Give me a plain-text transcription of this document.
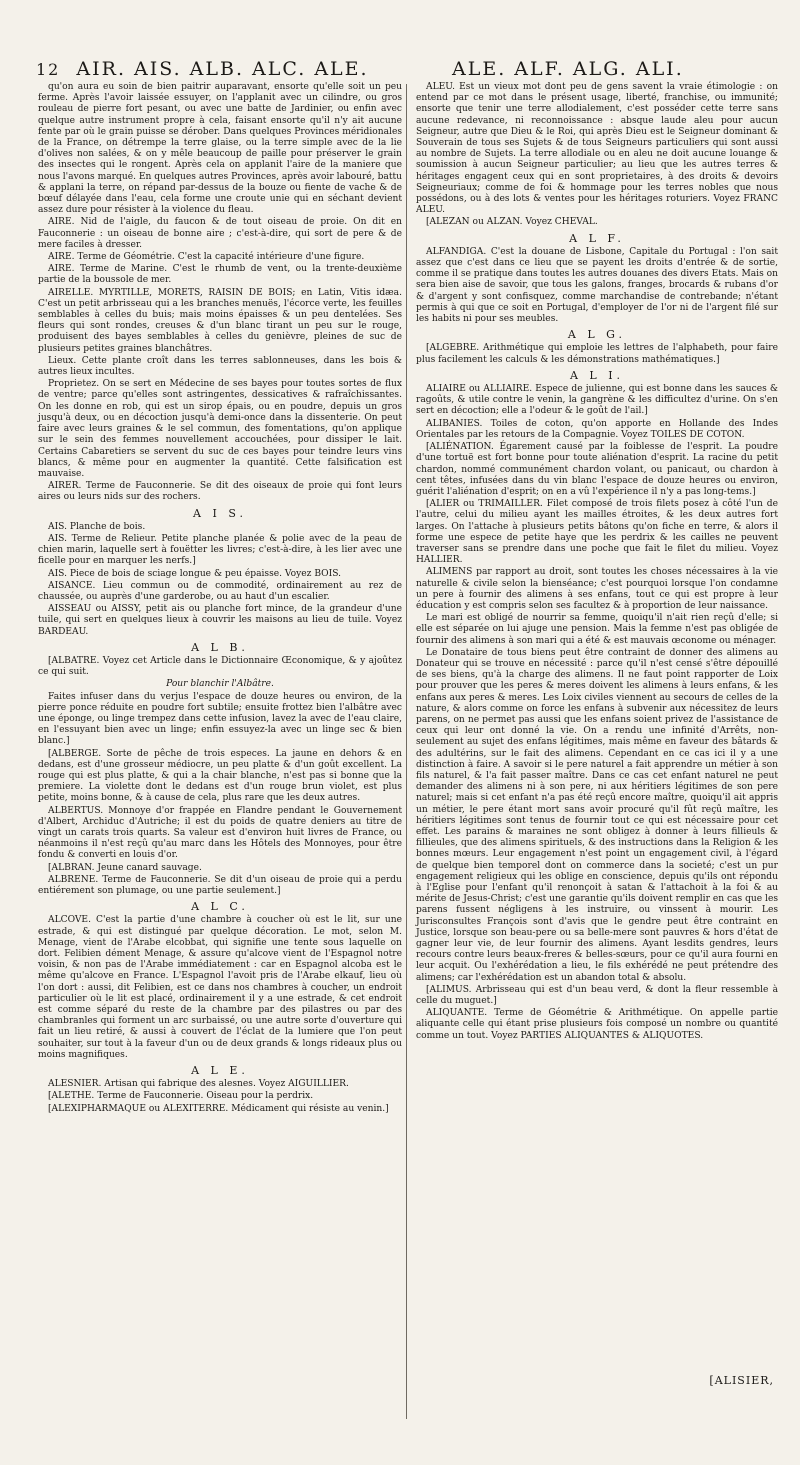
12 AIR. AIS. ALB. ALC. ALE.	ALE. ALF. ALG. ALI.
qu'on aura eu soin de bien paitrir auparavant, ensorte qu'elle soit un peu ferme. Après l'avoir laissée essuyer, on l'applanit avec un cilindre, ou gros rouleau de pierre fort pesant, ou avec une batte de Jardinier, ou enfin avec quelque autre instrument propre à cela, faisant ensorte qu'il n'y ait aucune fente par où le grain puisse se dérober. Dans quelques Provinces méridionales de la France, on détrempe la terre glaise, ou la terre simple avec de la lie d'olives non salées, & on y mêle beaucoup de paille pour préserver le grain des insectes qui le rongent. Après cela on applanit l'aire de la maniere que nous l'avons marqué. En quelques autres Provinces, après avoir labouré, battu & applani la terre, on répand par-dessus de la bouze ou fiente de vache & de bœuf délayée dans l'eau, cela forme une croute unie qui en séchant devient assez dure pour résister à la violence du fleau.
AIRE. Nid de l'aigle, du faucon & de tout oiseau de proie. On dit en Fauconnerie : un oiseau de bonne aire ; c'est-à-dire, qui sort de pere & de mere faciles à dresser.
AIRE. Terme de Géométrie. C'est la capacité intérieure d'une figure.
AIRE. Terme de Marine. C'est le rhumb de vent, ou la trente-deuxième partie de la boussole de mer.
AIRELLE. MYRTILLE, MORETS, RAISIN DE BOIS; en Latin, Vitis idæa. C'est un petit arbrisseau qui a les branches menuës, l'écorce verte, les feuilles semblables à celles du buis; mais moins épaisses & un peu dentelées. Ses fleurs qui sont rondes, creuses & d'un blanc tirant un peu sur le rouge, produisent des bayes semblables à celles du genièvre, pleines de suc de plusieurs petites graines blanchâtres.
Lieux. Cette plante croît dans les terres sablonneuses, dans les bois & autres lieux incultes.
Proprietez. On se sert en Médecine de ses bayes pour toutes sortes de flux de ventre; parce qu'elles sont astringentes, dessicatives & rafraîchissantes. On les donne en rob, qui est un sirop épais, ou en poudre, depuis un gros jusqu'à deux, ou en décoction jusqu'à demi-once dans la dissenterie. On peut faire avec leurs graines & le sel commun, des fomentations, qu'on applique sur le sein des femmes nouvellement accouchées, pour dissiper le lait. Certains Cabaretiers se servent du suc de ces bayes pour teindre leurs vins blancs, & même pour en augmenter la quantité. Cette falsification est mauvaise.
AIRER. Terme de Fauconnerie. Se dit des oiseaux de proie qui font leurs aires ou leurs nids sur des rochers.
A I S.
AIS. Planche de bois.
AIS. Terme de Relieur. Petite planche planée & polie avec de la peau de chien marin, laquelle sert à fouëtter les livres; c'est-à-dire, à les lier avec une ficelle pour en marquer les nerfs.]
AIS. Piece de bois de sciage longue & peu épaisse. Voyez BOIS.
AISANCE. Lieu commun ou de commodité, ordinairement au rez de chaussée, ou auprès d'une garderobe, ou au haut d'un escalier.
AISSEAU ou AISSY, petit ais ou planche fort mince, de la grandeur d'une tuile, qui sert en quelques lieux à couvrir les maisons au lieu de tuile. Voyez BARDEAU.
A L B.
[ALBATRE. Voyez cet Article dans le Dictionnaire Œconomique, & y ajoûtez ce qui suit.
Pour blanchir l'Albâtre.
Faites infuser dans du verjus l'espace de douze heures ou environ, de la pierre ponce réduite en poudre fort subtile; ensuite frottez bien l'albâtre avec une éponge, ou linge trempez dans cette infusion, lavez la avec de l'eau claire, en l'essuyant bien avec un linge; enfin essuyez-la avec un linge sec & bien blanc.]
[ALBERGE. Sorte de pêche de trois especes. La jaune en dehors & en dedans, est d'une grosseur médiocre, un peu platte & d'un goût excellent. La rouge qui est plus platte, & qui a la chair blanche, n'est pas si bonne que la premiere. La violette dont le dedans est d'un rouge brun violet, est plus petite, moins bonne, & à cause de cela, plus rare que les deux autres.
ALBERTUS. Monnoye d'or frappée en Flandre pendant le Gouvernement d'Albert, Archiduc d'Autriche; il est du poids de quatre deniers au titre de vingt un carats trois quarts. Sa valeur est d'environ huit livres de France, ou néanmoins il n'est reçû qu'au marc dans les Hôtels des Monnoyes, pour être fondu & converti en louis d'or.
[ALBRAN. Jeune canard sauvage.
ALBRENE. Terme de Fauconnerie. Se dit d'un oiseau de proie qui a perdu entiérement son plumage, ou une partie seulement.]
A L C.
ALCOVE. C'est la partie d'une chambre à coucher où est le lit, sur une estrade, & qui est distingué par quelque décoration. Le mot, selon M. Menage, vient de l'Arabe elcobbat, qui signifie une tente sous laquelle on dort. Felibien dément Menage, & assure qu'alcove vient de l'Espagnol notre voisin, & non pas de l'Arabe immédiatement : car en Espagnol alcoba est le même qu'alcove en France. L'Espagnol l'avoit pris de l'Arabe elkauf, lieu où l'on dort : aussi, dit Felibien, est ce dans nos chambres à coucher, un endroit particulier où le lit est placé, ordinairement il y a une estrade, & cet endroit est comme séparé du reste de la chambre par des pilastres ou par des chambranles qui forment un arc surbaissé, ou une autre sorte d'ouverture qui fait un lieu retiré, & aussi à couvert de l'éclat de la lumiere que l'on peut souhaiter, sur tout à la faveur d'un ou de deux grands & longs rideaux plus ou moins magnifiques.
A L E.
ALESNIER. Artisan qui fabrique des alesnes. Voyez AIGUILLIER.
[ALETHE. Terme de Fauconnerie. Oiseau pour la perdrix.
[ALEXIPHARMAQUE ou ALEXITERRE. Médicament qui résiste au venin.]
ALEU. Est un vieux mot dont peu de gens savent la vraie étimologie : on entend par ce mot dans le présent usage, liberté, franchise, ou immunité; ensorte que tenir une terre allodialement, c'est posséder cette terre sans aucune redevance, ni reconnoissance : absque laude aleu pour aucun Seigneur, autre que Dieu & le Roi, qui après Dieu est le Seigneur dominant & Souverain de tous ses Sujets & de tous Seigneurs particuliers qui sont aussi au nombre de Sujets. La terre allodiale ou en aleu ne doit aucune louange & soumission à aucun Seigneur particulier; au lieu que les autres terres & héritages engagent ceux qui en sont proprietaires, à des droits & devoirs Seigneuriaux; comme de foi & hommage pour les terres nobles que nous possédons, ou à des lots & ventes pour les héritages roturiers. Voyez FRANC ALEU.
[ALEZAN ou ALZAN. Voyez CHEVAL.
A L F.
ALFANDIGA. C'est la douane de Lisbone, Capitale du Portugal : l'on sait assez que c'est dans ce lieu que se payent les droits d'entrée & de sortie, comme il se pratique dans toutes les autres douanes des divers Etats. Mais on sera bien aise de savoir, que tous les galons, franges, brocards & rubans d'or & d'argent y sont confisquez, comme marchandise de contrebande; n'étant permis à qui que ce soit en Portugal, d'employer de l'or ni de l'argent filé sur les habits ni pour ses meubles.
A L G.
[ALGEBRE. Arithmétique qui emploie les lettres de l'alphabeth, pour faire plus facilement les calculs & les démonstrations mathématiques.]
A L I.
ALIAIRE ou ALLIAIRE. Espece de julienne, qui est bonne dans les sauces & ragoûts, & utile contre le venin, la gangrène & les difficultez d'urine. On s'en sert en décoction; elle a l'odeur & le goût de l'ail.]
ALIBANIES. Toiles de coton, qu'on apporte en Hollande des Indes Orientales par les retours de la Compagnie. Voyez TOILES DE COTON.
[ALIÉNATION. Égarement causé par la foiblesse de l'esprit. La poudre d'une tortuë est fort bonne pour toute aliénation d'esprit. La racine du petit chardon, nommé communément chardon volant, ou panicaut, ou chardon à cent têtes, infusées dans du vin blanc l'espace de douze heures ou environ, guérit l'aliénation d'esprit; on en a vû l'expérience il n'y a pas long-tems.]
[ALIER ou TRIMAILLER. Filet composé de trois filets posez à côté l'un de l'autre, celui du milieu ayant les mailles étroites, & les deux autres fort larges. On l'attache à plusieurs petits bâtons qu'on fiche en terre, & alors il forme une espece de petite haye que les perdrix & les cailles ne peuvent traverser sans se prendre dans une poche que fait le filet du milieu. Voyez HALLIER.
ALIMENS par rapport au droit, sont toutes les choses nécessaires à la vie naturelle & civile selon la bienséance; c'est pourquoi lorsque l'on condamne un pere à fournir des alimens à ses enfans, tout ce qui est propre à leur éducation y est compris selon ses facultez & à proportion de leur naissance.
Le mari est obligé de nourrir sa femme, quoiqu'il n'ait rien reçû d'elle; si elle est séparée on lui ajuge une pension. Mais la femme n'est pas obligée de fournir des alimens à son mari qui a été & est mauvais œconome ou ménager.
Le Donataire de tous biens peut être contraint de donner des alimens au Donateur qui se trouve en nécessité : parce qu'il n'est censé s'être dépouillé de ses biens, qu'à la charge des alimens. Il ne faut point rapporter de Loix pour prouver que les peres & meres doivent les alimens à leurs enfans, & les enfans aux peres & meres. Les Loix civiles viennent au secours de celles de la nature, & alors comme on force les enfans à subvenir aux nécessitez de leurs parens, on ne permet pas aussi que les enfans soient privez de l'assistance de ceux qui leur ont donné la vie. On a rendu une infinité d'Arrêts, non-seulement au sujet des enfans légitimes, mais même en faveur des bâtards & des adultérins, sur le fait des alimens. Cependant en ce cas ici il y a une distinction à faire. A savoir si le pere naturel a fait apprendre un métier à son fils naturel, & l'a fait passer maître. Dans ce cas cet enfant naturel ne peut demander des alimens ni à son pere, ni aux héritiers légitimes de son pere naturel; mais si cet enfant n'a pas été reçû encore maître, quoiqu'il ait appris un métier, le pere étant mort sans avoir procuré qu'il fût reçû maître, les héritiers légitimes sont tenus de fournir tout ce qui est nécessaire pour cet effet. Les parains & maraines ne sont obligez à donner à leurs fillieuls & fillieules, que des alimens spirituels, & des instructions dans la Religion & les bonnes mœurs. Leur engagement n'est point un engagement civil, à l'égard de quelque bien temporel dont on commerce dans la societé; c'est un pur engagement religieux qui les oblige en conscience, depuis qu'ils ont répondu à l'Eglise pour l'enfant qu'il renonçoit à satan & l'attachoit à la foi & au mérite de Jesus-Christ; c'est une garantie qu'ils doivent remplir en cas que les parens fussent négligens à les instruire, ou vinssent à mourir. Les Jurisconsultes François sont d'avis que le gendre peut être contraint en Justice, lorsque son beau-pere ou sa belle-mere sont pauvres & hors d'état de gagner leur vie, de leur fournir des alimens. Ayant lesdits gendres, leurs recours contre leurs beaux-freres & belles-sœurs, pour ce qu'il aura fourni en leur acquit. Ou l'exhérédation a lieu, le fils exhérédé ne peut prétendre des alimens; car l'exhérédation est un abandon total & absolu.
[ALIMUS. Arbrisseau qui est d'un beau verd, & dont la fleur ressemble à celle du muguet.]
ALIQUANTE. Terme de Géométrie & Arithmétique. On appelle partie aliquante celle qui étant prise plusieurs fois composé un nombre ou quantité comme un tout. Voyez PARTIES ALIQUANTES & ALIQUOTES.
[ALISIER,
